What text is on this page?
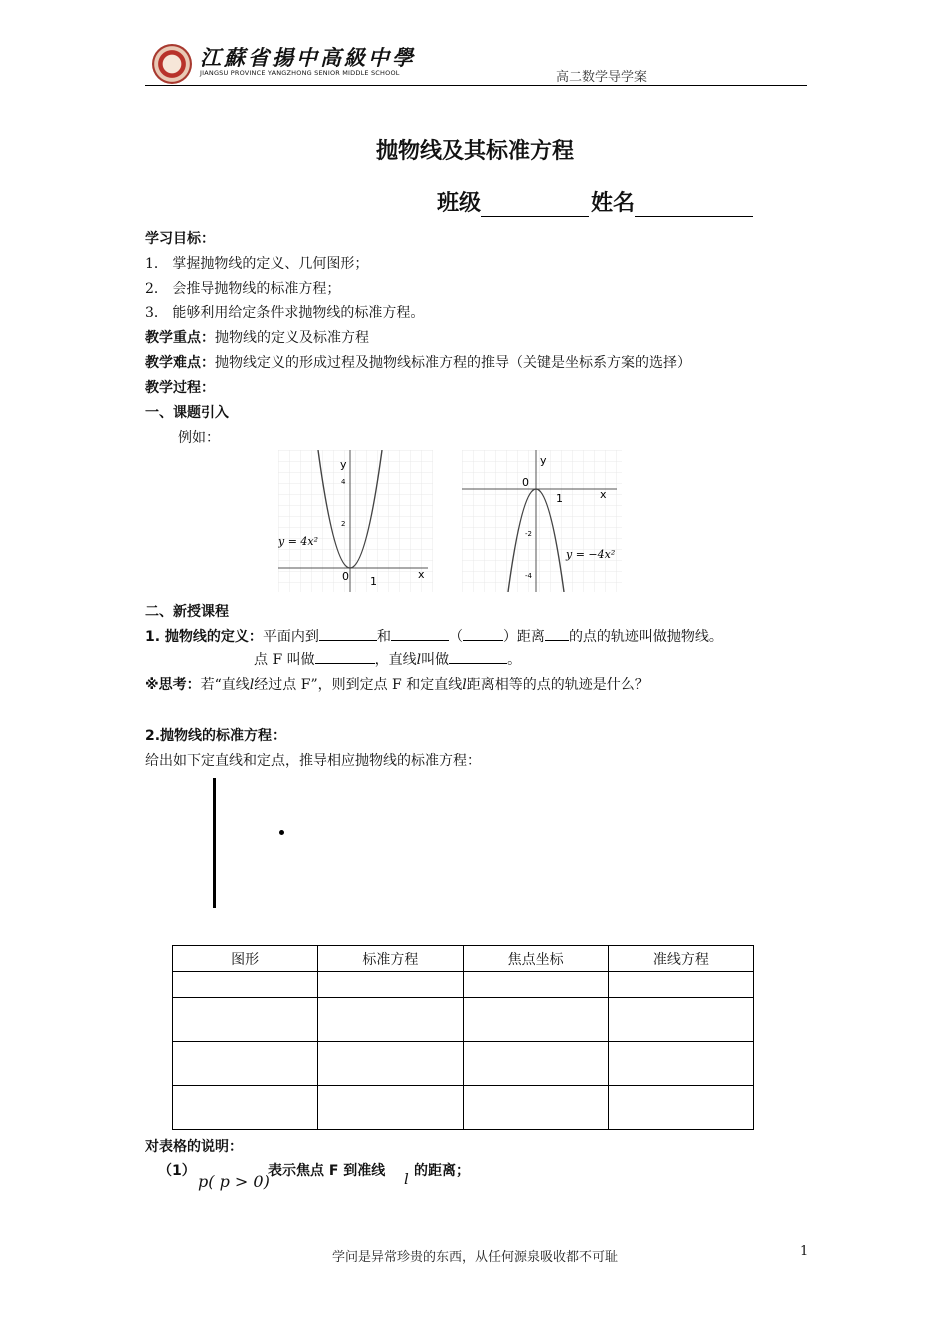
江蘇省揚中高級中學
JIANGSU PROVINCE YANGZHONG SENIOR MIDDLE SCHOOL	高二数学导学案
抛物线及其标准方程
班级	姓名
学习目标：
1． 掌握抛物线的定义、几何图形；
2． 会推导抛物线的标准方程；
3． 能够利用给定条件求抛物线的标准方程。
教学重点：抛物线的定义及标准方程
教学难点：抛物线定义的形成过程及抛物线标准方程的推导（关键是坐标系方案的选择）
教学过程：
一、课题引入
例如：
y
x
0 1
4
2
y = 4x²
y
x
0
1
-2
-4
y = −4x²
二、新授课程
1. 抛物线的定义：平面内到	和	（	）距离 的点的轨迹叫做抛物线。
点 F 叫做	，直线l叫做	。
※思考：若“直线l经过点 F”，则到定点 F 和定直线l距离相等的点的轨迹是什么？
2.抛物线的标准方程：
给出如下定直线和定点，推导相应抛物线的标准方程：
图形	标准方程	焦点坐标	准线方程

对表格的说明：
（1）
p( p > 0)
表示焦点 F 到准线 l 的距离；
学问是异常珍贵的东西，从任何源泉吸收都不可耻	1
